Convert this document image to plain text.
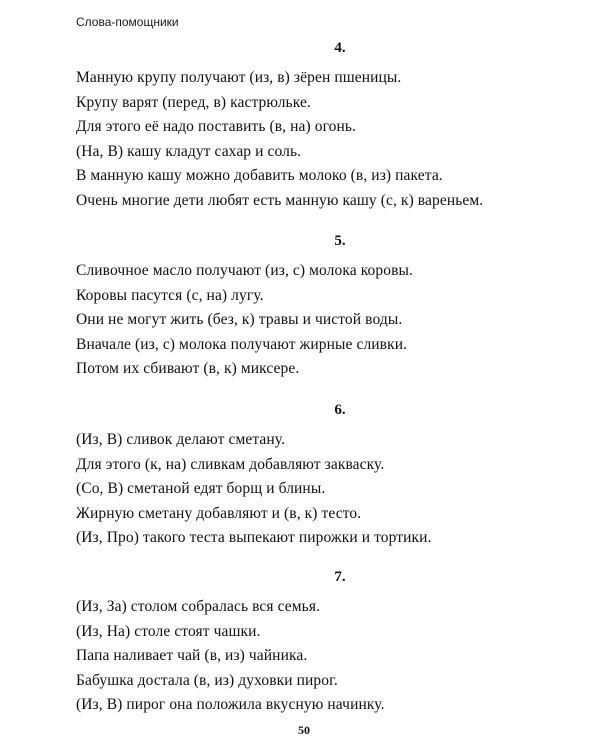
Слова-помощники
4.
Манную крупу получают (из, в) зёрен пшеницы.
Крупу варят (перед, в) кастрюльке.
Для этого её надо поставить (в, на) огонь.
(На, В) кашу кладут сахар и соль.
В манную кашу можно добавить молоко (в, из) пакета.
Очень многие дети любят есть манную кашу (с, к) вареньем.
5.
Сливочное масло получают (из, с) молока коровы.
Коровы пасутся (с, на) лугу.
Они не могут жить (без, к) травы и чистой воды.
Вначале (из, с) молока получают жирные сливки.
Потом их сбивают (в, к) миксере.
6.
(Из, В) сливок делают сметану.
Для этого (к, на) сливкам добавляют закваску.
(Со, В) сметаной едят борщ и блины.
Жирную сметану добавляют и (в, к) тесто.
(Из, Про) такого теста выпекают пирожки и тортики.
7.
(Из, За) столом собралась вся семья.
(Из, На) столе стоят чашки.
Папа наливает чай (в, из) чайника.
Бабушка достала (в, из) духовки пирог.
(Из, В) пирог она положила вкусную начинку.
50
